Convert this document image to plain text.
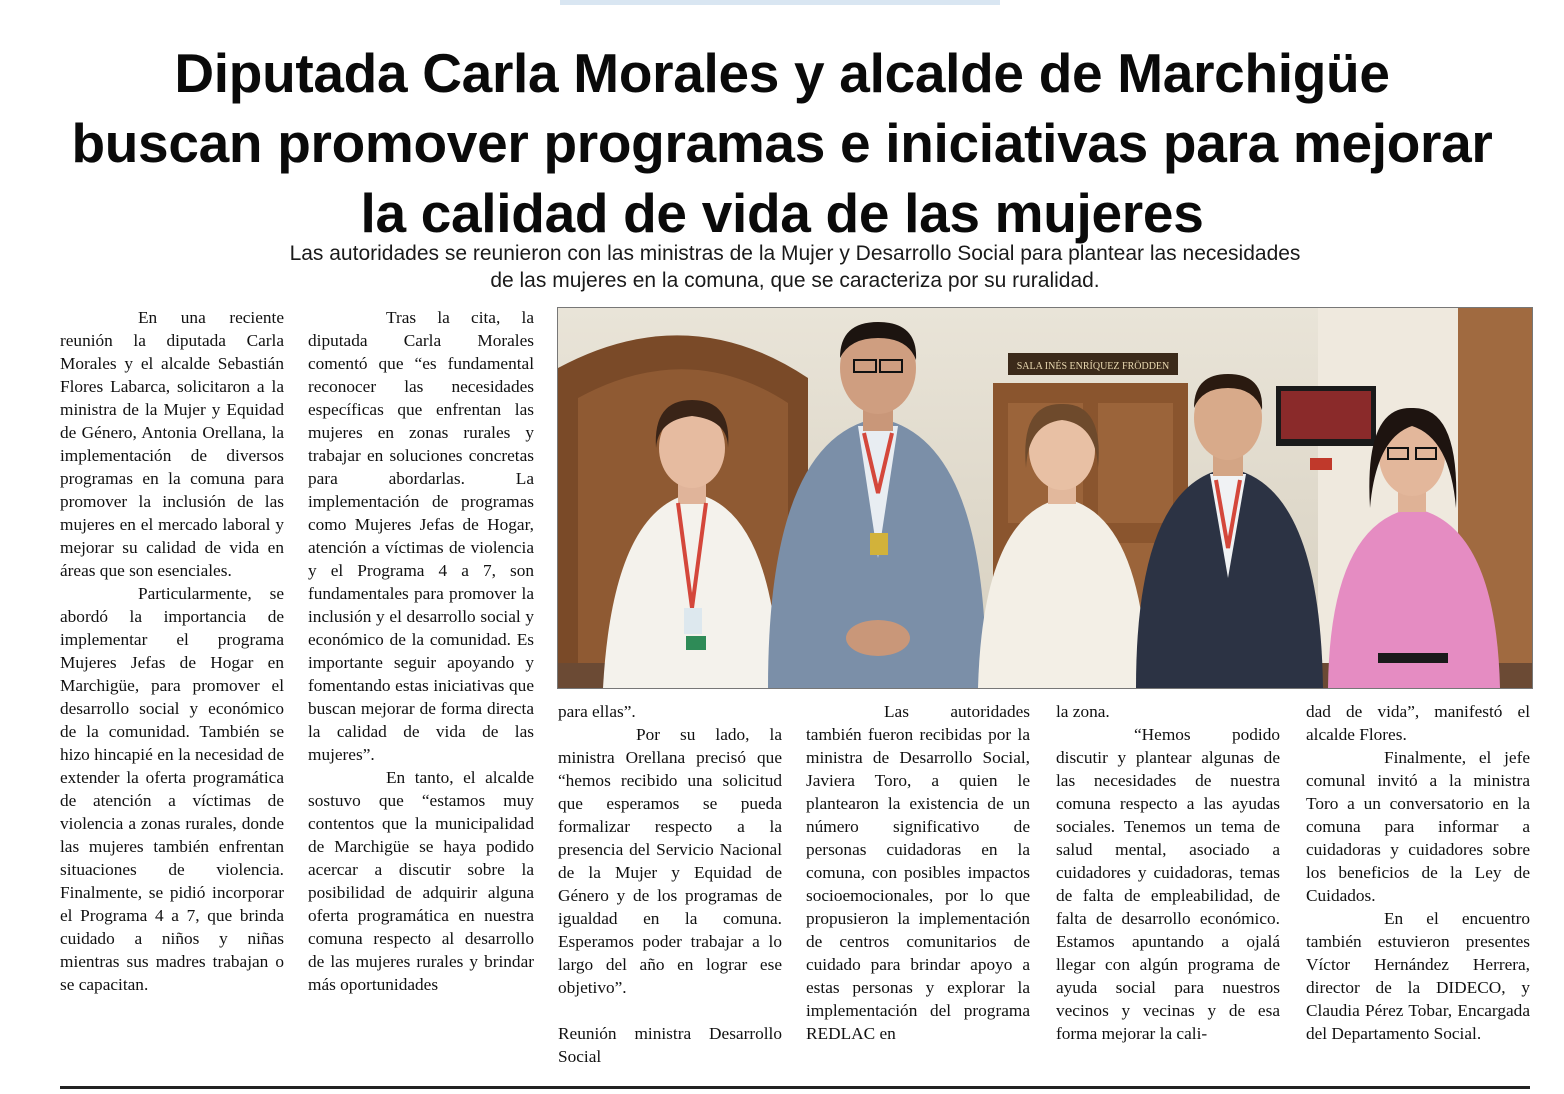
Diputada Carla Morales y alcalde de Marchigüe
buscan promover programas e iniciativas para mejorar
la calidad de vida de las mujeres
Las autoridades se reunieron con las ministras de la Mujer y Desarrollo Social para plantear las necesidades
de las mujeres en la comuna, que se caracteriza por su ruralidad.

En una reciente reunión la diputada Carla Morales y el alcalde Sebastián Flores Labarca, solicitaron a la ministra de la Mujer y Equidad de Género, Antonia Orellana, la implementación de diversos programas en la comuna para promover la inclusión de las mujeres en el mercado laboral y mejorar su calidad de vida en áreas que son esenciales.

Particularmente, se abordó la importancia de implementar el programa Mujeres Jefas de Hogar en Marchigüe, para promover el desarrollo social y económico de la comunidad. También se hizo hincapié en la necesidad de extender la oferta programática de atención a víctimas de violencia a zonas rurales, donde las mujeres también enfrentan situaciones de violencia. Finalmente, se pidió incorporar el Programa 4 a 7, que brinda cuidado a niños y niñas mientras sus madres trabajan o se capacitan.

Tras la cita, la diputada Carla Morales comentó que “es fundamental reconocer las necesidades específicas que enfrentan las mujeres en zonas rurales y trabajar en soluciones concretas para abordarlas. La implementación de programas como Mujeres Jefas de Hogar, atención a víctimas de violencia y el Programa 4 a 7, son fundamentales para promover la inclusión y el desarrollo social y económico de la comunidad. Es importante seguir apoyando y fomentando estas iniciativas que buscan mejorar de forma directa la calidad de vida de las mujeres”.

En tanto, el alcalde sostuvo que “estamos muy contentos que la municipalidad de Marchigüe se haya podido acercar a discutir sobre la posibilidad de adquirir alguna oferta programática en nuestra comuna respecto al desarrollo de las mujeres rurales y brindar más oportunidades

SALA INÉS ENRÍQUEZ FRÖDDEN

para ellas”.

Por su lado, la ministra Orellana precisó que “hemos recibido una solicitud que esperamos se pueda formalizar respecto a la presencia del Servicio Nacional de la Mujer y Equidad de Género y de los programas de igualdad en la comuna. Esperamos poder trabajar a lo largo del año en lograr ese objetivo”.

Reunión ministra Desarrollo Social

Las autoridades también fueron recibidas por la ministra de Desarrollo Social, Javiera Toro, a quien le plantearon la existencia de un número significativo de personas cuidadoras en la comuna, con posibles impactos socioemocionales, por lo que propusieron la implementación de centros comunitarios de cuidado para brindar apoyo a estas personas y explorar la implementación del programa REDLAC en

la zona.

“Hemos podido discutir y plantear algunas de las necesidades de nuestra comuna respecto a las ayudas sociales. Tenemos un tema de salud mental, asociado a cuidadores y cuidadoras, temas de falta de empleabilidad, de falta de desarrollo económico. Estamos apuntando a ojalá llegar con algún programa de ayuda social para nuestros vecinos y vecinas y de esa forma mejorar la cali-

dad de vida”, manifestó el alcalde Flores.

Finalmente, el jefe comunal invitó a la ministra Toro a un conversatorio en la comuna para informar a cuidadoras y cuidadores sobre los beneficios de la Ley de Cuidados.

En el encuentro también estuvieron presentes Víctor Hernández Herrera, director de la DIDECO, y Claudia Pérez Tobar, Encargada del Departamento Social.
